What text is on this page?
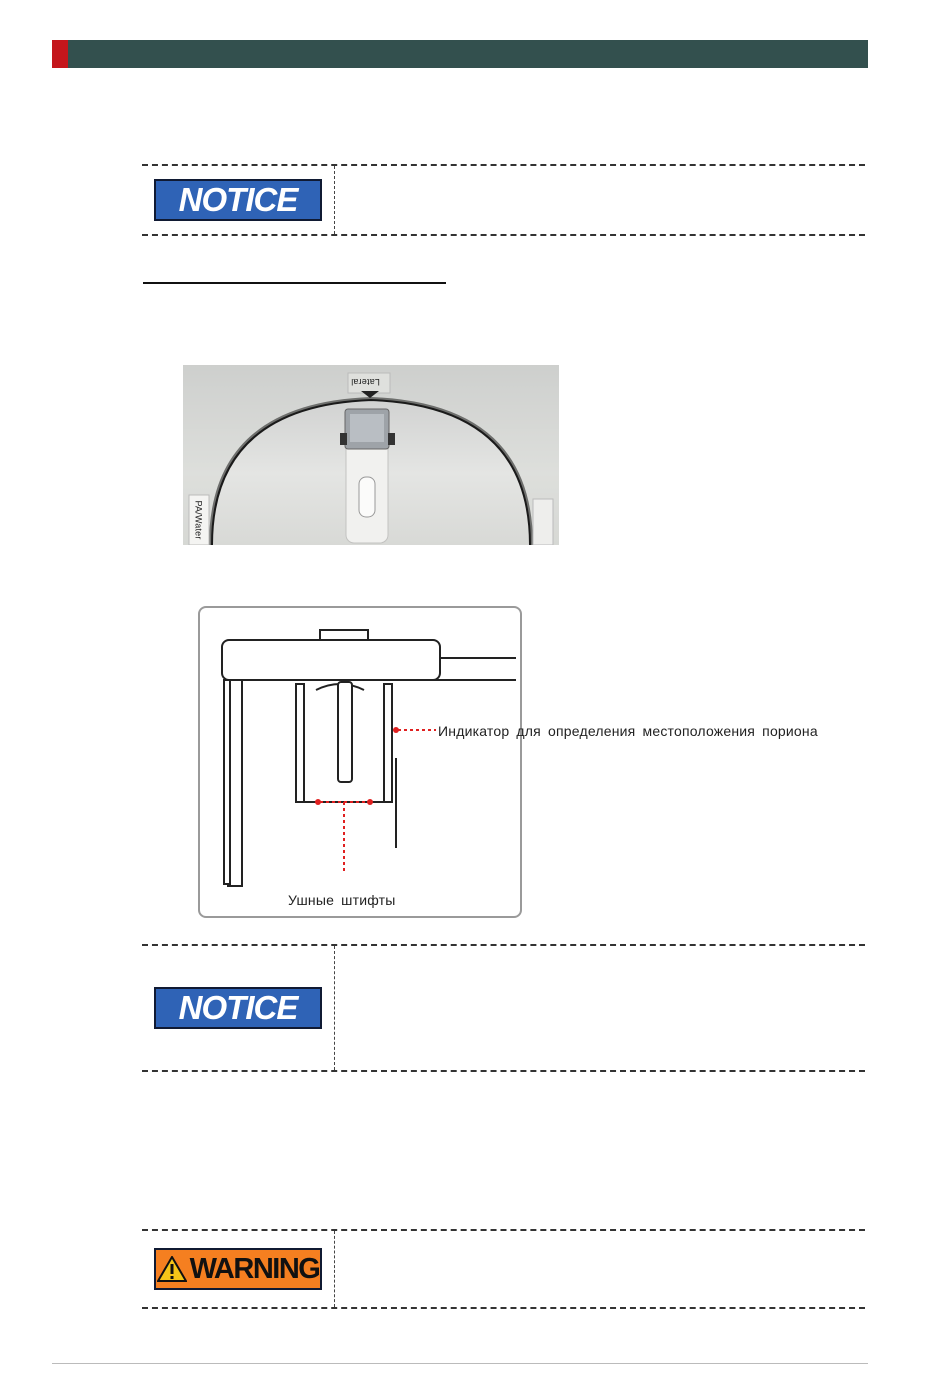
NOTICE
Lateral
PA/Water
Ушные штифты
Индикатор для определения местоположения пориона
NOTICE
WARNING
